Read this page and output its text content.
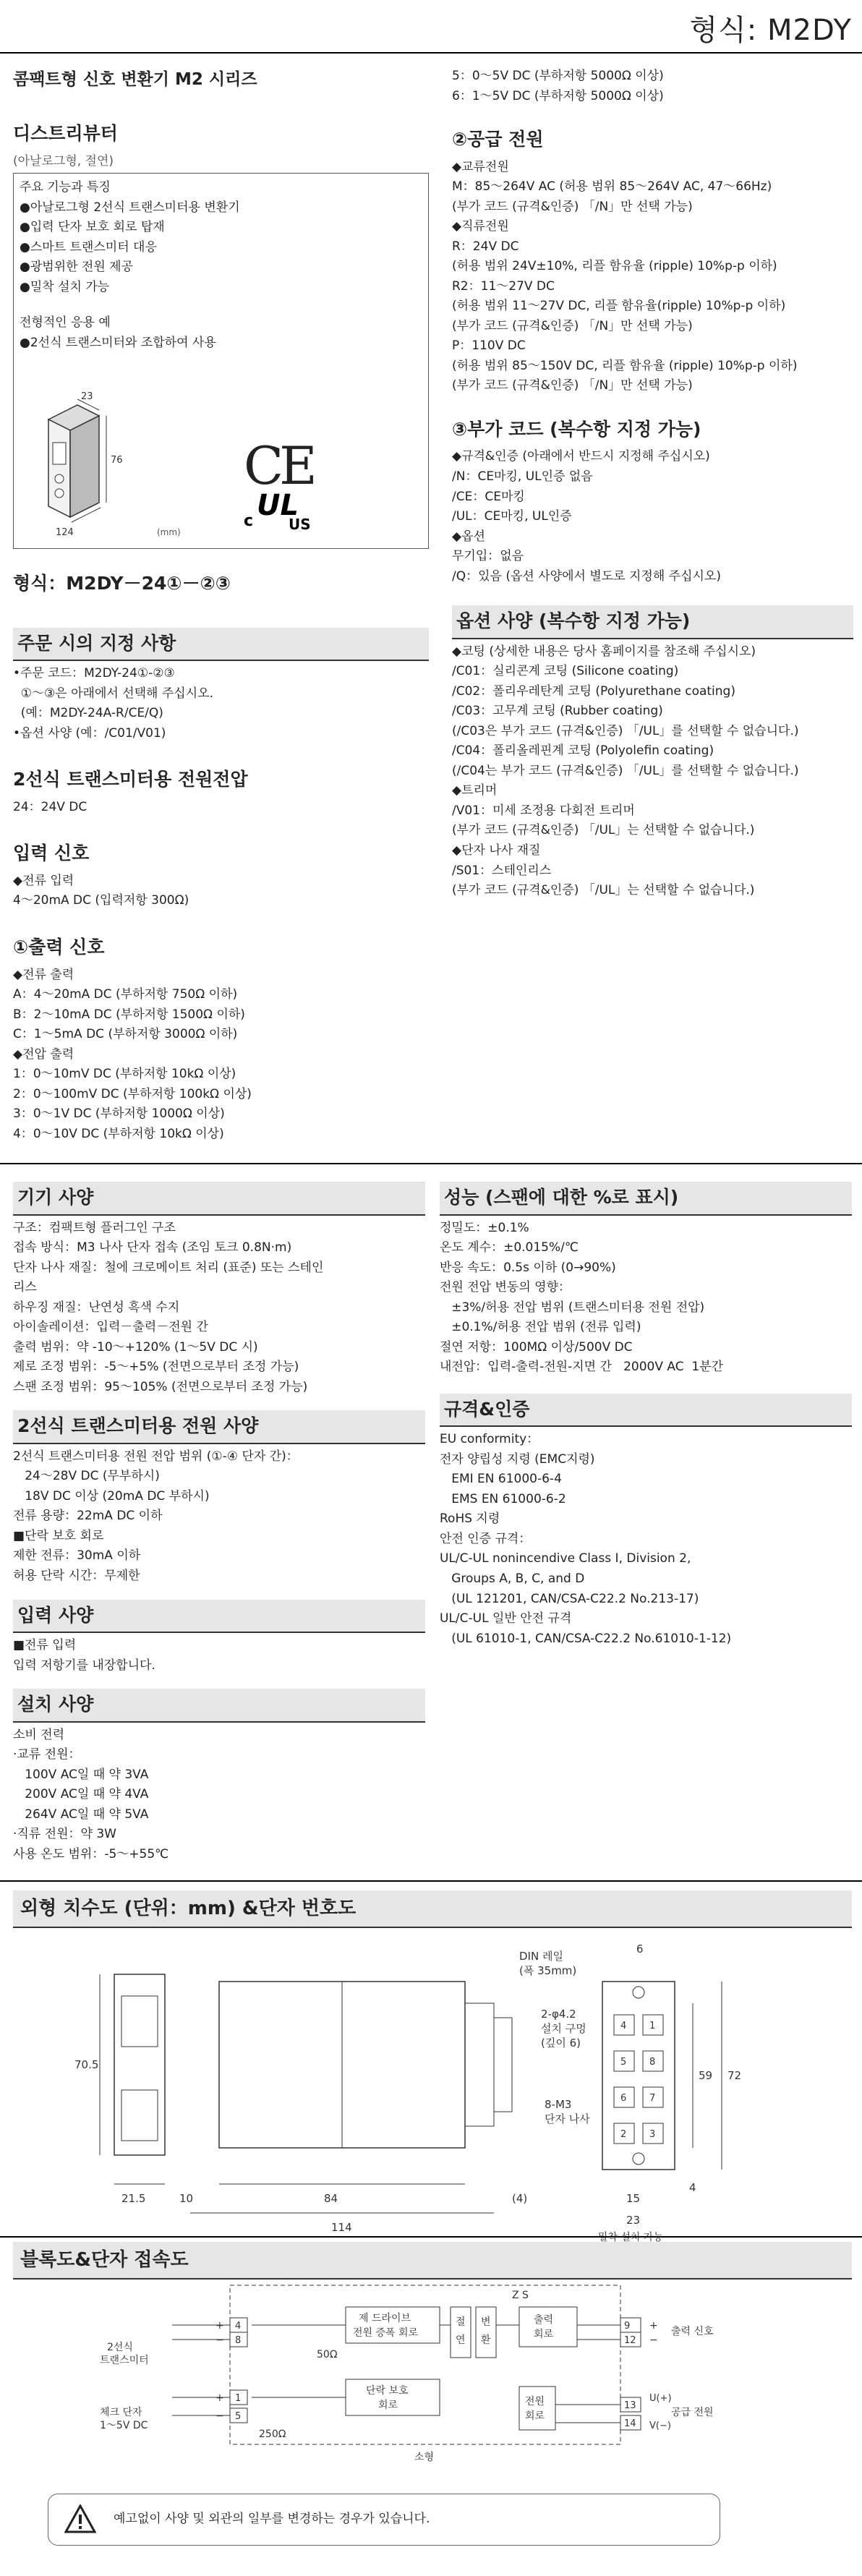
형식: M2DY
콤팩트형 신호 변환기 M2 시리즈
디스트리뷰터
(아날로그형, 절연)
주요 기능과 특징
●아날로그형 2선식 트랜스미터용 변환기
●입력 단자 보호 회로 탑재
●스마트 트랜스미터 대응
●광범위한 전원 제공
●밀착 설치 가능
전형적인 응용 예
●2선식 트랜스미터와 조합하여 사용
23
76
124	(mm)
CE
c UL
US
형식：M2DY－24①－②③
주문 시의 지정 사항
•주문 코드：M2DY-24①-②③
①～③은 아래에서 선택해 주십시오.
(예：M2DY-24A-R/CE/Q)
•옵션 사양 (예：/C01/V01)
2선식 트랜스미터용 전원전압
24：24V DC
입력 신호
◆전류 입력
4～20mA DC (입력저항 300Ω)
①출력 신호
◆전류 출력
A：4～20mA DC (부하저항 750Ω 이하)
B：2～10mA DC (부하저항 1500Ω 이하)
C：1～5mA DC (부하저항 3000Ω 이하)
◆전압 출력
1：0～10mV DC (부하저항 10kΩ 이상)
2：0～100mV DC (부하저항 100kΩ 이상)
3：0～1V DC (부하저항 1000Ω 이상)
4：0～10V DC (부하저항 10kΩ 이상)
5：0～5V DC (부하저항 5000Ω 이상)
6：1～5V DC (부하저항 5000Ω 이상)
②공급 전원
◆교류전원
M：85～264V AC (허용 범위 85～264V AC, 47～66Hz)
(부가 코드 (규격&인증) 「/N」만 선택 가능)
◆직류전원
R：24V DC
(허용 범위 24V±10%, 리플 함유율 (ripple) 10%p-p 이하)
R2：11～27V DC
(허용 범위 11～27V DC, 리플 함유율(ripple) 10%p-p 이하)
(부가 코드 (규격&인증) 「/N」만 선택 가능)
P：110V DC
(허용 범위 85～150V DC, 리플 함유율 (ripple) 10%p-p 이하)
(부가 코드 (규격&인증) 「/N」만 선택 가능)
③부가 코드 (복수항 지정 가능)
◆규격&인증 (아래에서 반드시 지정해 주십시오)
/N：CE마킹, UL인증 없음
/CE：CE마킹
/UL：CE마킹, UL인증
◆옵션
무기입：없음
/Q：있음 (옵션 사양에서 별도로 지정해 주십시오)
옵션 사양 (복수항 지정 가능)
◆코팅 (상세한 내용은 당사 홈페이지를 참조해 주십시오)
/C01：실리콘계 코팅 (Silicone coating)
/C02：폴리우레탄계 코팅 (Polyurethane coating)
/C03：고무계 코팅 (Rubber coating)
(/C03은 부가 코드 (규격&인증) 「/UL」를 선택할 수 없습니다.)
/C04：폴리올레핀계 코팅 (Polyolefin coating)
(/C04는 부가 코드 (규격&인증) 「/UL」를 선택할 수 없습니다.)
◆트리머
/V01：미세 조정용 다회전 트리머
(부가 코드 (규격&인증) 「/UL」는 선택할 수 없습니다.)
◆단자 나사 재질
/S01：스테인리스
(부가 코드 (규격&인증) 「/UL」는 선택할 수 없습니다.)
기기 사양
구조：컴팩트형 플러그인 구조
접속 방식：M3 나사 단자 접속 (조임 토크 0.8N·m)
단자 나사 재질：철에 크로메이트 처리 (표준) 또는 스테인
리스
하우징 재질：난연성 흑색 수지
아이솔레이션：입력－출력－전원 간
출력 범위：약 -10～+120% (1～5V DC 시)
제로 조정 범위：-5～+5% (전면으로부터 조정 가능)
스팬 조정 범위：95～105% (전면으로부터 조정 가능)
2선식 트랜스미터용 전원 사양
2선식 트랜스미터용 전원 전압 범위 (①-④ 단자 간)：
24～28V DC (무부하시)
18V DC 이상 (20mA DC 부하시)
전류 용량：22mA DC 이하
■단락 보호 회로
제한 전류：30mA 이하
허용 단락 시간：무제한
입력 사양
■전류 입력
입력 저항기를 내장합니다.
설치 사양
소비 전력
·교류 전원：
100V AC일 때 약 3VA
200V AC일 때 약 4VA
264V AC일 때 약 5VA
·직류 전원：약 3W
사용 온도 범위：-5～+55℃
성능 (스팬에 대한 %로 표시)
정밀도：±0.1%
온도 계수：±0.015%/℃
반응 속도：0.5s 이하 (0→90%)
전원 전압 변동의 영향：
±3%/허용 전압 범위 (트랜스미터용 전원 전압)
±0.1%/허용 전압 범위 (전류 입력)
절연 저항：100MΩ 이상/500V DC
내전압：입력-출력-전원-지면 간   2000V AC  1분간
규격&인증
EU conformity：
전자 양립성 지령 (EMC지령)
EMI EN 61000-6-4
EMS EN 61000-6-2
RoHS 지령
안전 인증 규격：
UL/C-UL nonincendive Class I, Division 2,
Groups A, B, C, and D
(UL 121201, CAN/CSA-C22.2 No.213-17)
UL/C-UL 일반 안전 규격
(UL 61010-1, CAN/CSA-C22.2 No.61010-1-12)
외형 치수도 (단위：mm) &단자 번호도
70.5
21.5	10	84
114
(4)
DIN 레일
(폭 35mm)
2-φ4.2
설치 구멍
(깊이 6)
8-M3
단자 나사
4 1
5 8
6 7
2 3
6
59 72
15
23
4
· 밀착 설치 가능
블록도&단자 접속도
소형
2선식
트랜스미터
체크 단자
1～5V DC
4
+
8
−
1
+
5
−
9 +
12 −
13
14
제 드라이브
전원 증폭 회로
50Ω
250Ω
단락 보호
회로
절
연
변
환
Z S
출력
회로
전원
회로
출력 신호
공급 전원
U(+)
V(−)
예고없이 사양 및 외관의 일부를 변경하는 경우가 있습니다.
